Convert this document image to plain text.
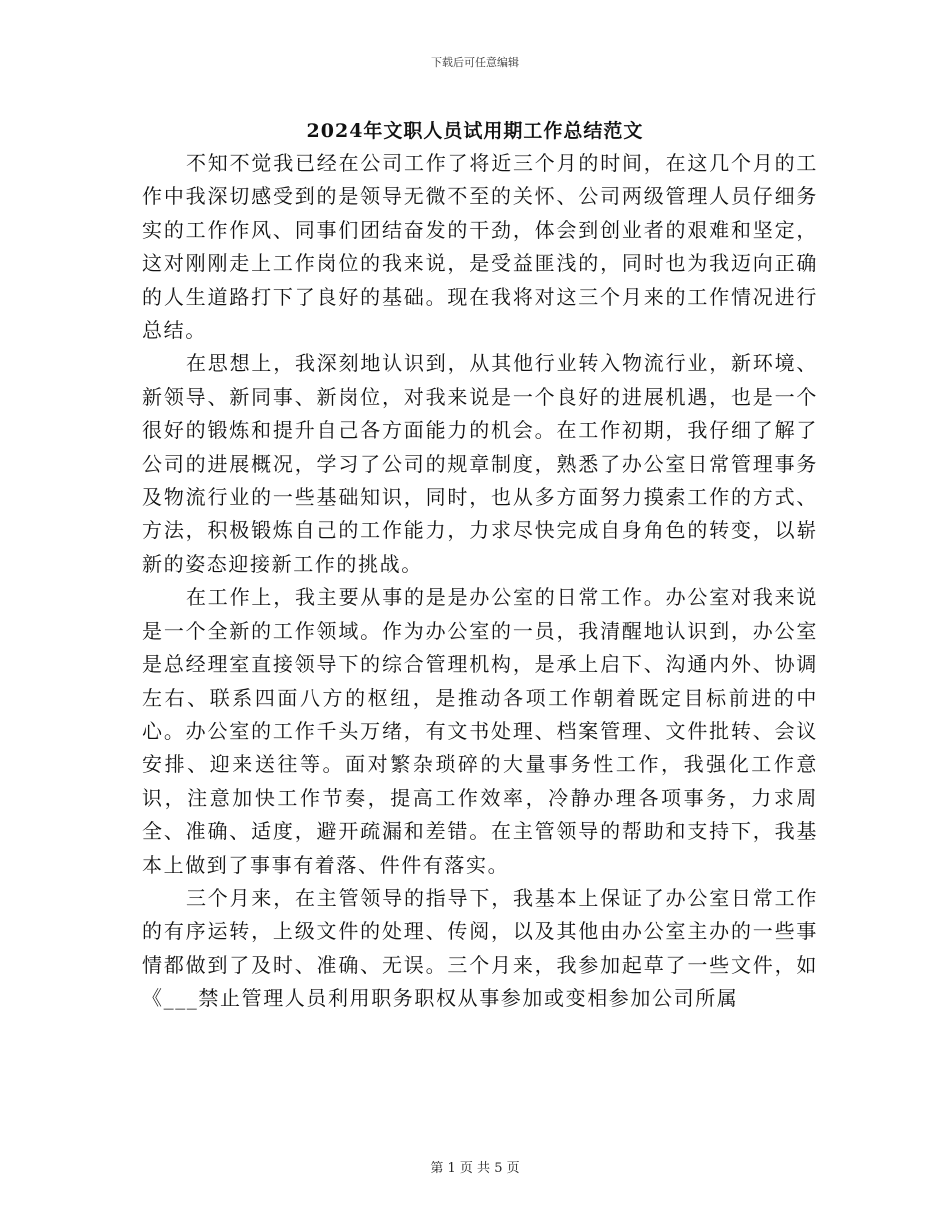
下载后可任意编辑
2024年文职人员试用期工作总结范文

不知不觉我已经在公司工作了将近三个月的时间，在这几个月的工作中我深切感受到的是领导无微不至的关怀、公司两级管理人员仔细务实的工作作风、同事们团结奋发的干劲，体会到创业者的艰难和坚定，这对刚刚走上工作岗位的我来说，是受益匪浅的，同时也为我迈向正确的人生道路打下了良好的基础。现在我将对这三个月来的工作情况进行总结。

在思想上，我深刻地认识到，从其他行业转入物流行业，新环境、新领导、新同事、新岗位，对我来说是一个良好的进展机遇，也是一个很好的锻炼和提升自己各方面能力的机会。在工作初期，我仔细了解了公司的进展概况，学习了公司的规章制度，熟悉了办公室日常管理事务及物流行业的一些基础知识，同时，也从多方面努力摸索工作的方式、方法，积极锻炼自己的工作能力，力求尽快完成自身角色的转变，以崭新的姿态迎接新工作的挑战。

在工作上，我主要从事的是是办公室的日常工作。办公室对我来说是一个全新的工作领域。作为办公室的一员，我清醒地认识到，办公室是总经理室直接领导下的综合管理机构，是承上启下、沟通内外、协调左右、联系四面八方的枢纽，是推动各项工作朝着既定目标前进的中心。办公室的工作千头万绪，有文书处理、档案管理、文件批转、会议安排、迎来送往等。面对繁杂琐碎的大量事务性工作，我强化工作意识，注意加快工作节奏，提高工作效率，冷静办理各项事务，力求周全、准确、适度，避开疏漏和差错。在主管领导的帮助和支持下，我基本上做到了事事有着落、件件有落实。

三个月来，在主管领导的指导下，我基本上保证了办公室日常工作的有序运转，上级文件的处理、传阅，以及其他由办公室主办的一些事情都做到了及时、准确、无误。三个月来，我参加起草了一些文件，如《___禁止管理人员利用职务职权从事参加或变相参加公司所属

第 1 页 共 5 页
